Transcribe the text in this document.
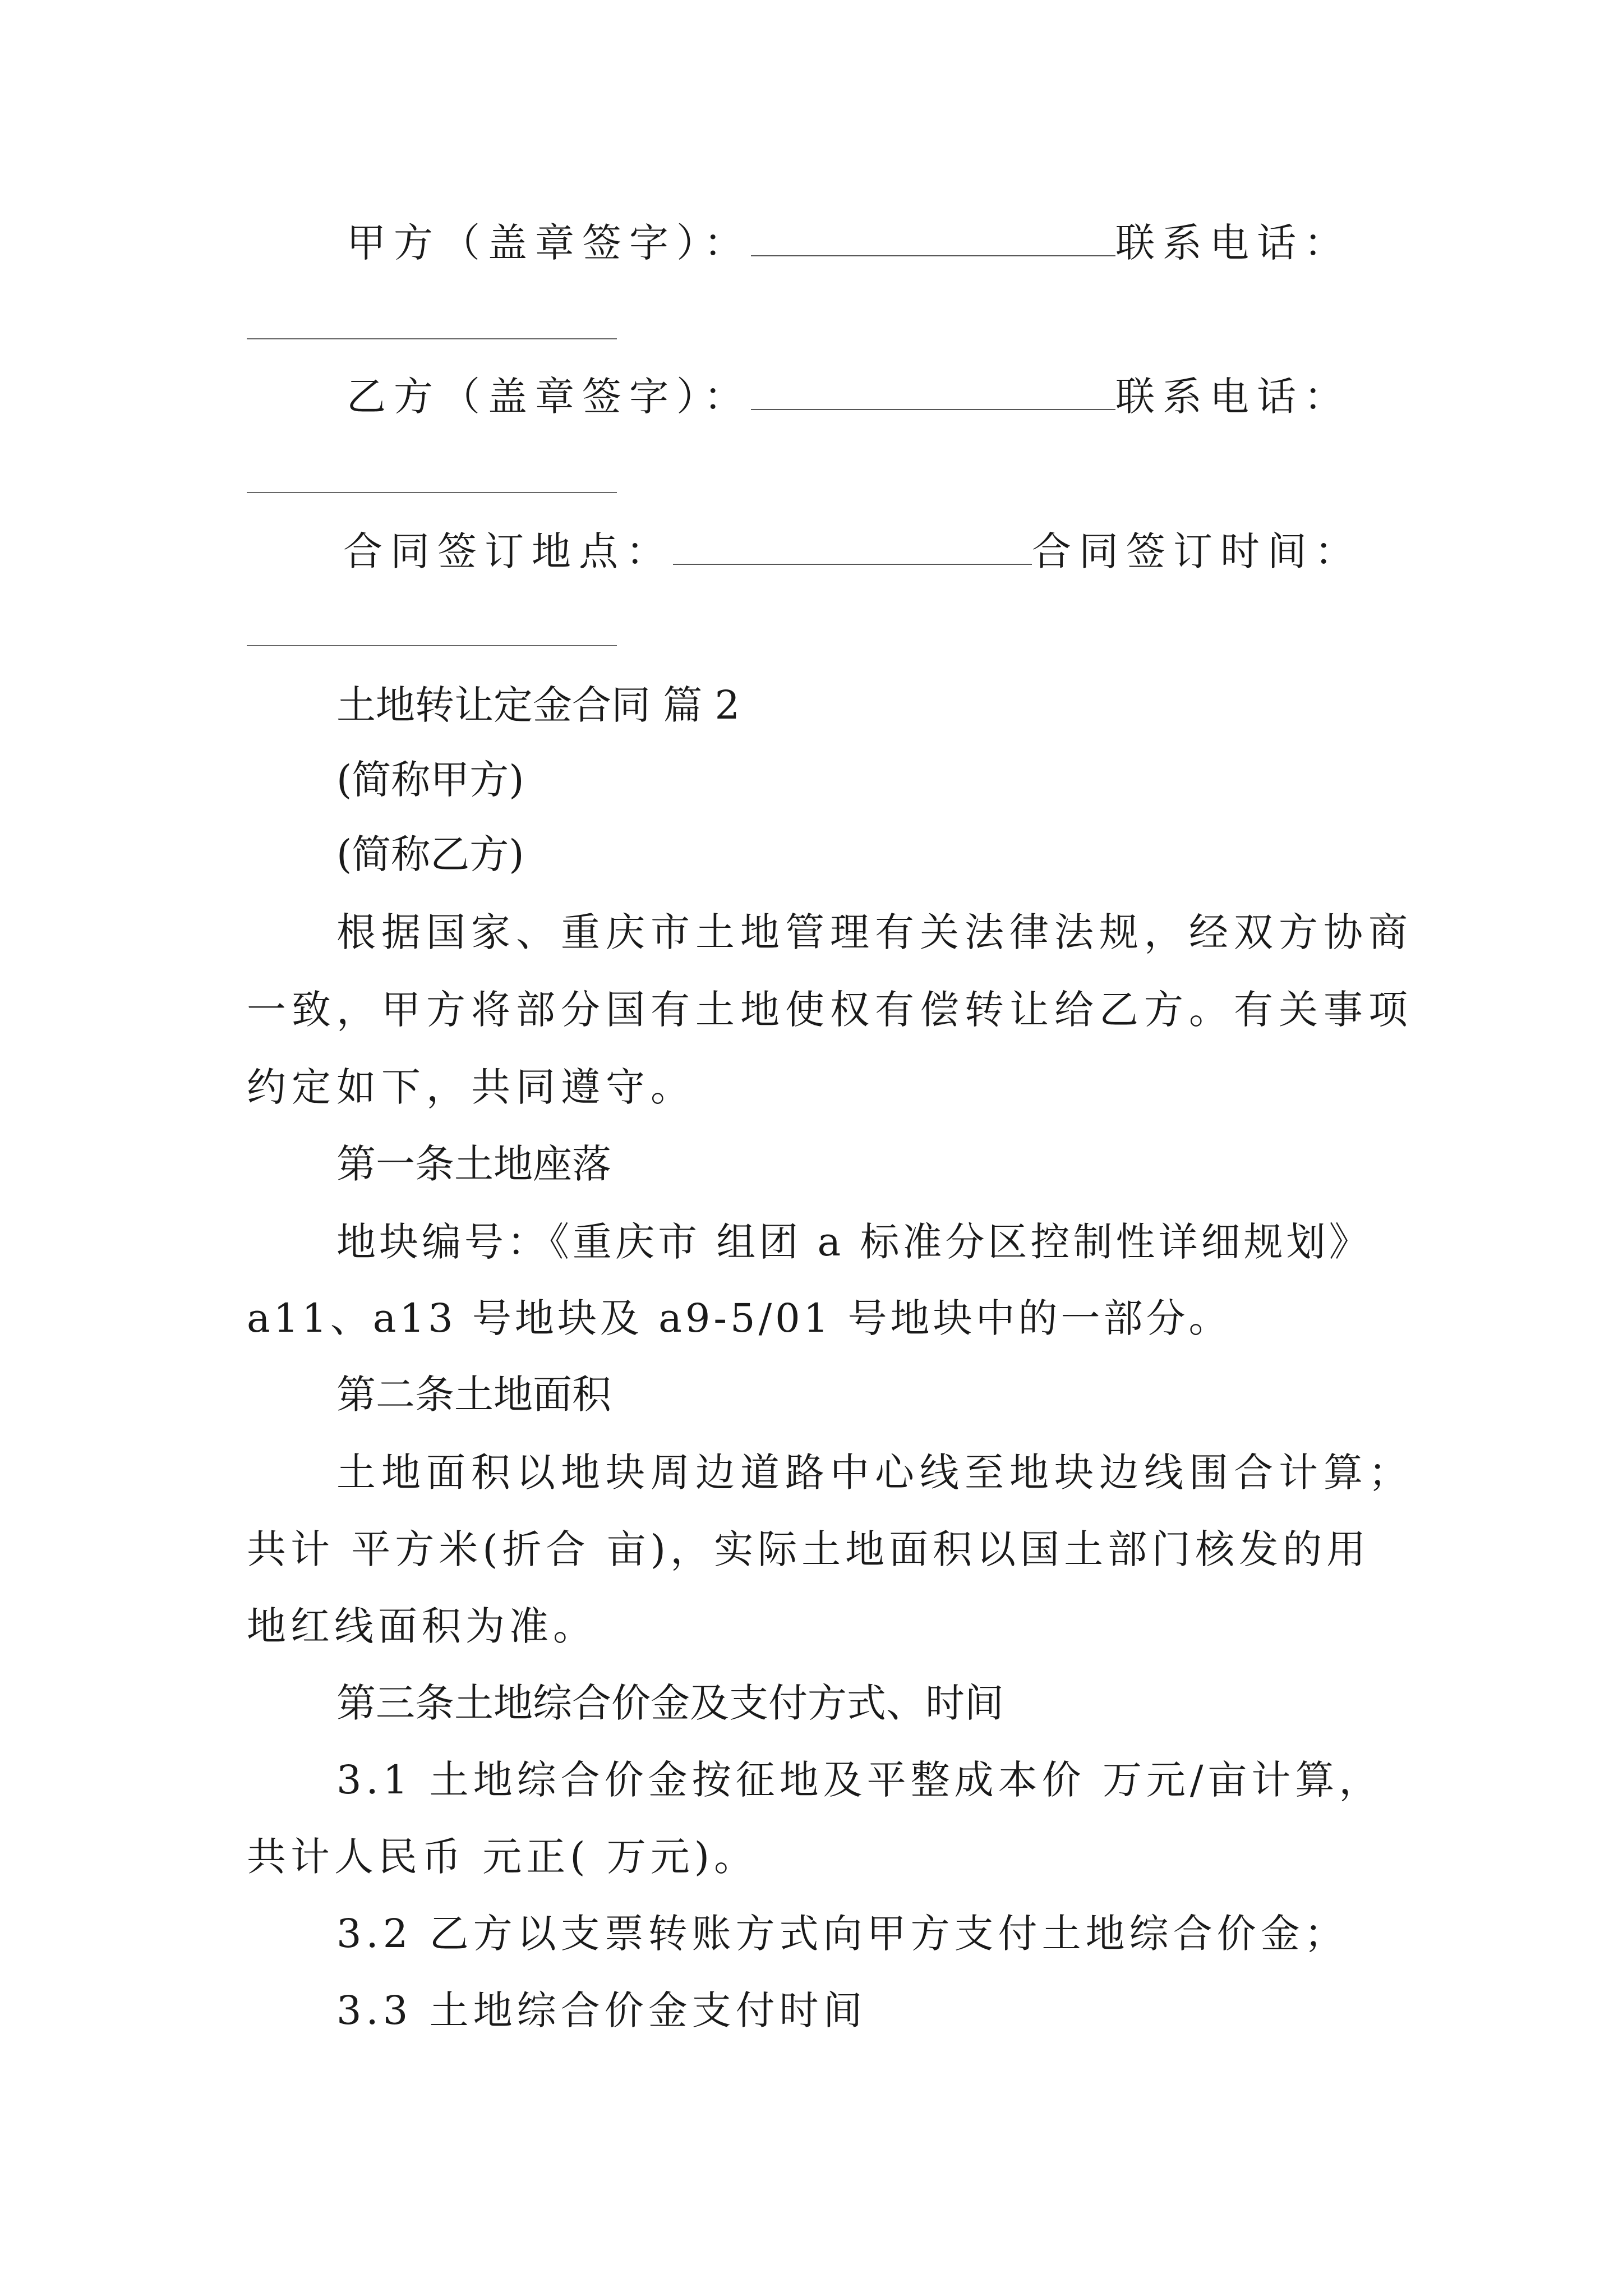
甲方（盖章签字）：	联系电话：
乙方（盖章签字）：	联系电话：
合同签订地点：	合同签订时间：
土地转让定金合同 篇 2
(简称甲方)
(简称乙方)
根据国家、重庆市土地管理有关法律法规，经双方协商
一致，甲方将部分国有土地使权有偿转让给乙方。有关事项
约定如下，共同遵守。
第一条土地座落
地块编号：《重庆市 组团 a 标准分区控制性详细规划》
a11、a13 号地块及 a9-5/01 号地块中的一部分。
第二条土地面积
土地面积以地块周边道路中心线至地块边线围合计算；
共计 平方米(折合 亩)，实际土地面积以国土部门核发的用
地红线面积为准。
第三条土地综合价金及支付方式、时间
3.1 土地综合价金按征地及平整成本价 万元/亩计算，
共计人民币 元正( 万元)。
3.2 乙方以支票转账方式向甲方支付土地综合价金；
3.3 土地综合价金支付时间
